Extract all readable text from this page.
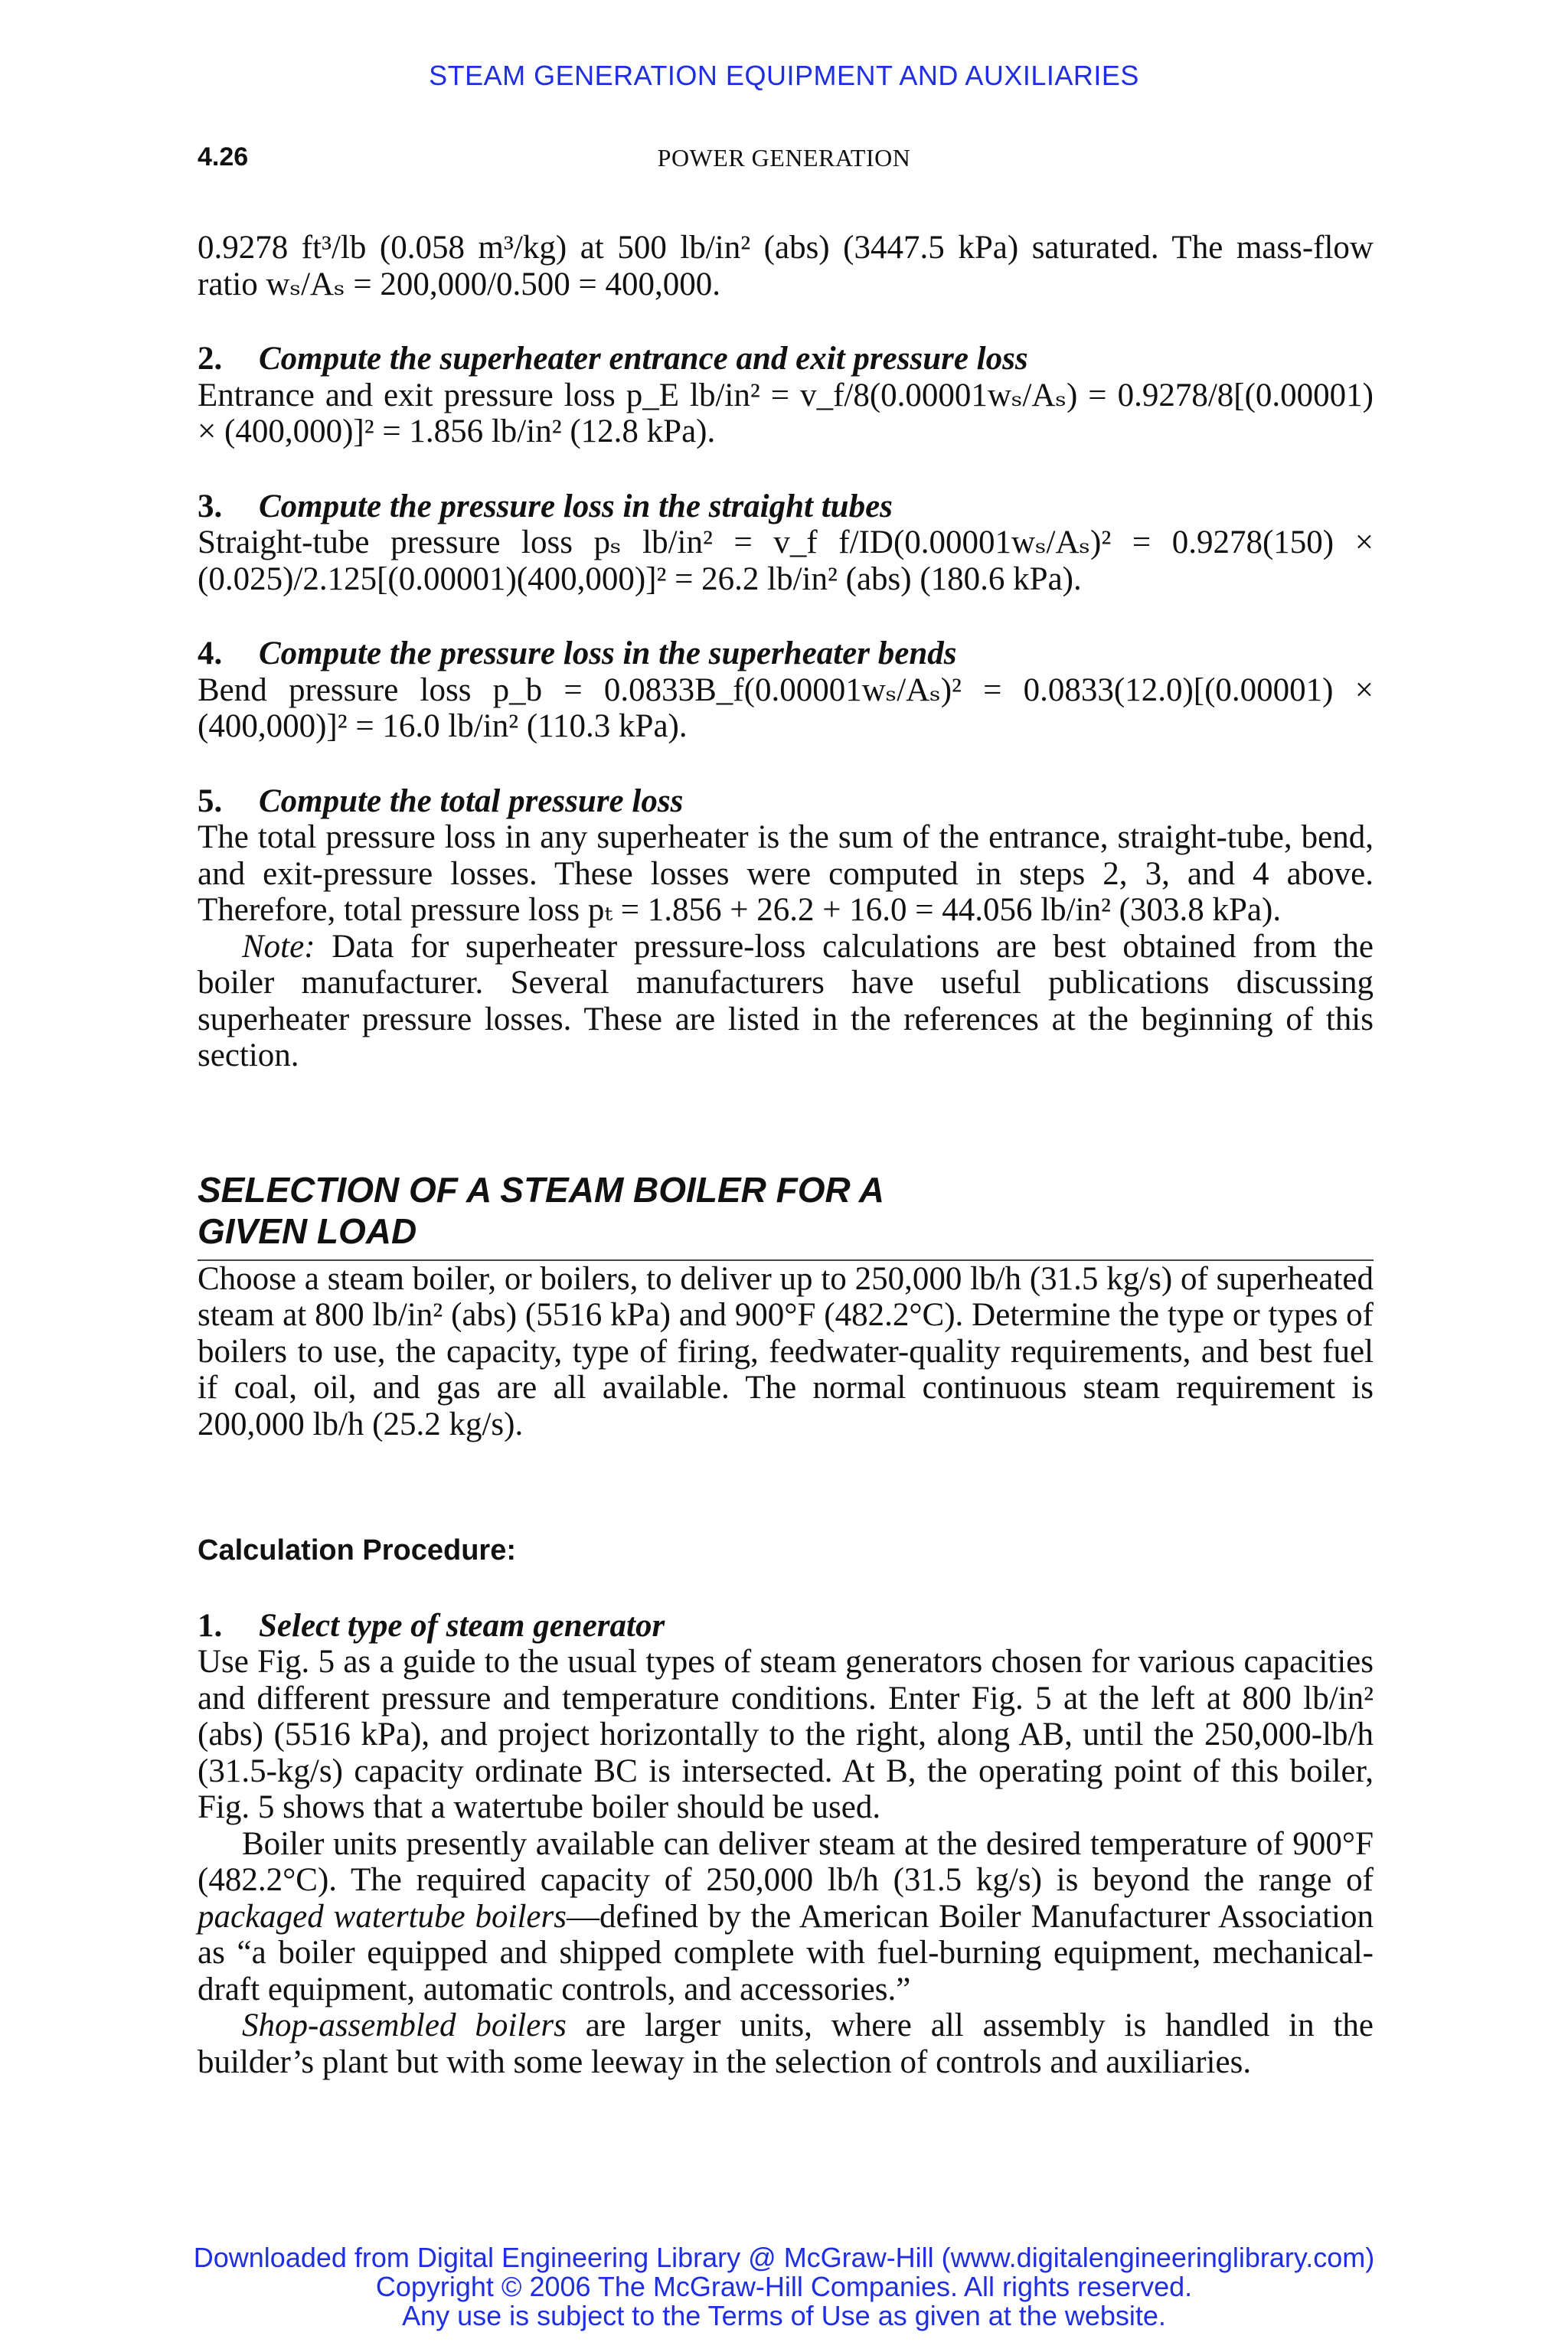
STEAM GENERATION EQUIPMENT AND AUXILIARIES
4.26	POWER GENERATION

0.9278 ft³/lb (0.058 m³/kg) at 500 lb/in² (abs) (3447.5 kPa) saturated. The mass-flow ratio wₛ/Aₛ = 200,000/0.500 = 400,000.

2. Compute the superheater entrance and exit pressure loss

Entrance and exit pressure loss p_E lb/in² = v_f/8(0.00001wₛ/Aₛ) = 0.9278/8[(0.00001) × (400,000)]² = 1.856 lb/in² (12.8 kPa).

3. Compute the pressure loss in the straight tubes

Straight-tube pressure loss pₛ lb/in² = v_f f/ID(0.00001wₛ/Aₛ)² = 0.9278(150) × (0.025)/2.125[(0.00001)(400,000)]² = 26.2 lb/in² (abs) (180.6 kPa).

4. Compute the pressure loss in the superheater bends

Bend pressure loss p_b = 0.0833B_f(0.00001wₛ/Aₛ)² = 0.0833(12.0)[(0.00001) × (400,000)]² = 16.0 lb/in² (110.3 kPa).

5. Compute the total pressure loss

The total pressure loss in any superheater is the sum of the entrance, straight-tube, bend, and exit-pressure losses. These losses were computed in steps 2, 3, and 4 above. Therefore, total pressure loss pₜ = 1.856 + 26.2 + 16.0 = 44.056 lb/in² (303.8 kPa).

Note: Data for superheater pressure-loss calculations are best obtained from the boiler manufacturer. Several manufacturers have useful publications discussing superheater pressure losses. These are listed in the references at the beginning of this section.

SELECTION OF A STEAM BOILER FOR A
GIVEN LOAD

Choose a steam boiler, or boilers, to deliver up to 250,000 lb/h (31.5 kg/s) of superheated steam at 800 lb/in² (abs) (5516 kPa) and 900°F (482.2°C). Determine the type or types of boilers to use, the capacity, type of firing, feedwater-quality requirements, and best fuel if coal, oil, and gas are all available. The normal continuous steam requirement is 200,000 lb/h (25.2 kg/s).

Calculation Procedure:
1. Select type of steam generator

Use Fig. 5 as a guide to the usual types of steam generators chosen for various capacities and different pressure and temperature conditions. Enter Fig. 5 at the left at 800 lb/in² (abs) (5516 kPa), and project horizontally to the right, along AB, until the 250,000-lb/h (31.5-kg/s) capacity ordinate BC is intersected. At B, the operating point of this boiler, Fig. 5 shows that a watertube boiler should be used.

Boiler units presently available can deliver steam at the desired temperature of 900°F (482.2°C). The required capacity of 250,000 lb/h (31.5 kg/s) is beyond the range of packaged watertube boilers—defined by the American Boiler Manufacturer Association as “a boiler equipped and shipped complete with fuel-burning equipment, mechanical-draft equipment, automatic controls, and accessories.”

Shop-assembled boilers are larger units, where all assembly is handled in the builder’s plant but with some leeway in the selection of controls and auxiliaries.

Downloaded from Digital Engineering Library @ McGraw-Hill (www.digitalengineeringlibrary.com)
Copyright © 2006 The McGraw-Hill Companies. All rights reserved.
Any use is subject to the Terms of Use as given at the website.
